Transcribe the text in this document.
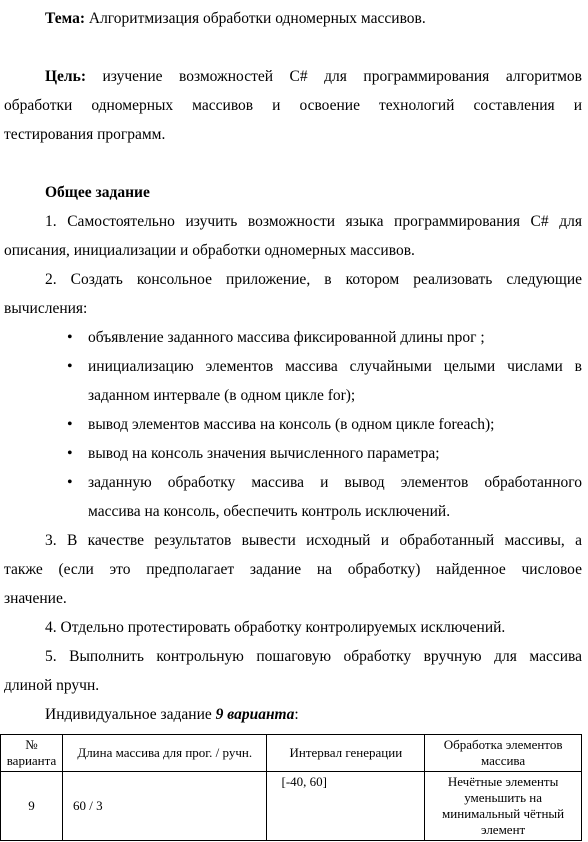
Тема: Алгоритмизация обработки одномерных массивов.

Цель: изучение возможностей C# для программирования алгоритмов

обработки одномерных массивов и освоение технологий составления и

тестирования программ.

Общее задание

1. Самостоятельно изучить возможности языка программирования C# для

описания, инициализации и обработки одномерных массивов.

2. Создать консольное приложение, в котором реализовать следующие

вычисления:

• объявление заданного массива фиксированной длины nрог ;
• инициализацию элементов массива случайными целыми числами в
заданном интервале (в одном цикле for);
• вывод элементов массива на консоль (в одном цикле foreach);
• вывод на консоль значения вычисленного параметра;
• заданную обработку массива и вывод элементов обработанного
массива на консоль, обеспечить контроль исключений.

3. В качестве результатов вывести исходный и обработанный массивы, а

также (если это предполагает задание на обработку) найденное числовое

значение.

4. Отдельно протестировать обработку контролируемых исключений.

5. Выполнить контрольную пошаговую обработку вручную для массива

длиной nручн.

Индивидуальное задание 9 варианта:

№ варианта	Длина массива для прог. / ручн.	Интервал генерации	Обработка элементов массива
9	60 / 3	[-40, 60]	Нечётные элементы уменьшить на минимальный чётный элемент
